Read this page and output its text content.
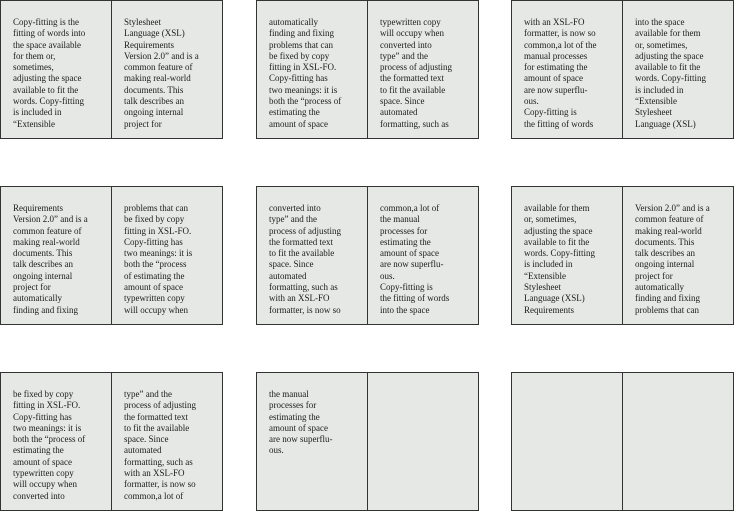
Copy-fitting is the
fitting of words into
the space available
for them or,
sometimes,
adjusting the space
available to fit the
words. Copy-fitting
is included in
“Extensible
Stylesheet
Language (XSL)
Requirements
Version 2.0” and is a
common feature of
making real-world
documents. This
talk describes an
ongoing internal
project for
automatically
finding and fixing
problems that can
be fixed by copy
fitting in XSL-FO.
Copy-fitting has
two meanings: it is
both the “process of
estimating the
amount of space
typewritten copy
will occupy when
converted into
type” and the
process of adjusting
the formatted text
to fit the available
space. Since
automated
formatting, such as
with an XSL-FO
formatter, is now so
common,a lot of the
manual processes
for estimating the
amount of space
are now superflu-
ous.
Copy-fitting is
the fitting of words
into the space
available for them
or, sometimes,
adjusting the space
available to fit the
words. Copy-fitting
is included in
“Extensible
Stylesheet
Language (XSL)
Requirements
Version 2.0” and is a
common feature of
making real-world
documents. This
talk describes an
ongoing internal
project for
automatically
finding and fixing
problems that can
be fixed by copy
fitting in XSL-FO.
Copy-fitting has
two meanings: it is
both the “process
of estimating the
amount of space
typewritten copy
will occupy when
converted into
type” and the
process of adjusting
the formatted text
to fit the available
space. Since
automated
formatting, such as
with an XSL-FO
formatter, is now so
common,a lot of
the manual
processes for
estimating the
amount of space
are now superflu-
ous.
Copy-fitting is
the fitting of words
into the space
available for them
or, sometimes,
adjusting the space
available to fit the
words. Copy-fitting
is included in
“Extensible
Stylesheet
Language (XSL)
Requirements
Version 2.0” and is a
common feature of
making real-world
documents. This
talk describes an
ongoing internal
project for
automatically
finding and fixing
problems that can
be fixed by copy
fitting in XSL-FO.
Copy-fitting has
two meanings: it is
both the “process of
estimating the
amount of space
typewritten copy
will occupy when
converted into
type” and the
process of adjusting
the formatted text
to fit the available
space. Since
automated
formatting, such as
with an XSL-FO
formatter, is now so
common,a lot of
the manual
processes for
estimating the
amount of space
are now superflu-
ous.
